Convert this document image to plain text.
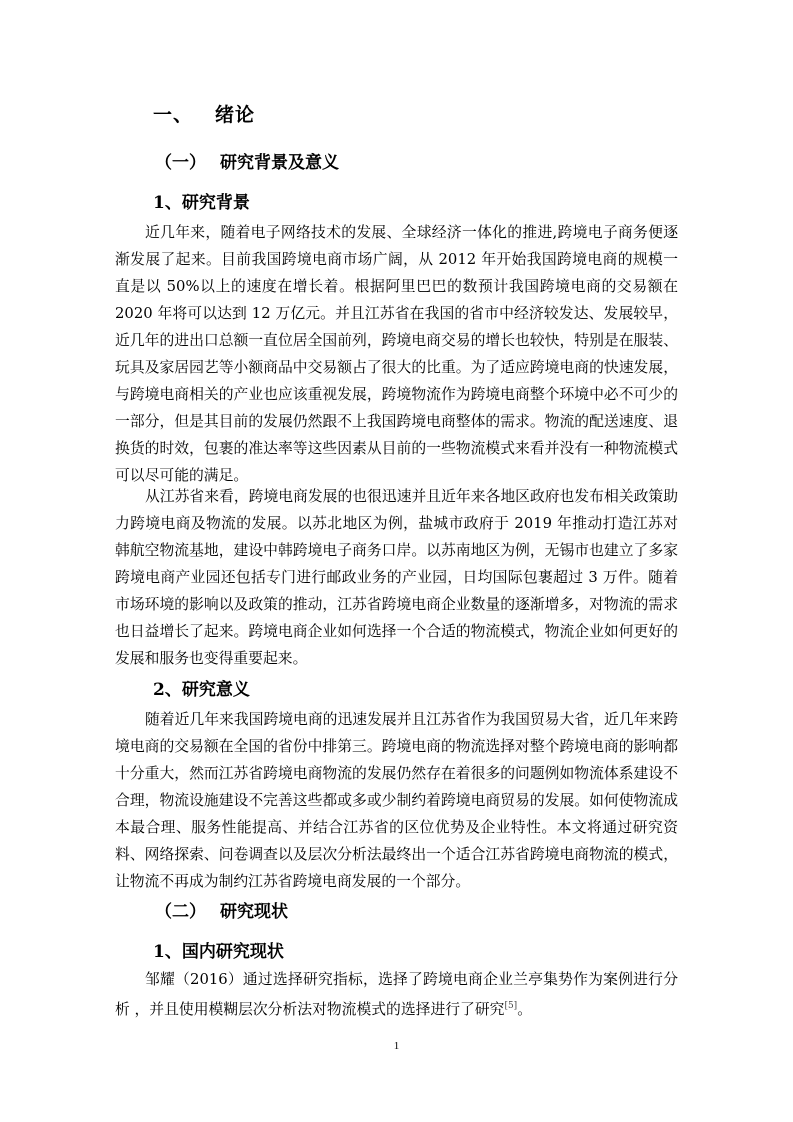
一、 绪论
（一） 研究背景及意义
1、研究背景

近几年来，随着电子网络技术的发展、全球经济一体化的推进,跨境电子商务便逐渐发展了起来。目前我国跨境电商市场广阔，从 2012 年开始我国跨境电商的规模一直是以 50%以上的速度在增长着。根据阿里巴巴的数预计我国跨境电商的交易额在 2020 年将可以达到 12 万亿元。并且江苏省在我国的省市中经济较发达、发展较早，近几年的进出口总额一直位居全国前列，跨境电商交易的增长也较快，特别是在服装、玩具及家居园艺等小额商品中交易额占了很大的比重。为了适应跨境电商的快速发展，与跨境电商相关的产业也应该重视发展，跨境物流作为跨境电商整个环境中必不可少的一部分，但是其目前的发展仍然跟不上我国跨境电商整体的需求。物流的配送速度、退换货的时效，包裹的准达率等这些因素从目前的一些物流模式来看并没有一种物流模式可以尽可能的满足。

从江苏省来看，跨境电商发展的也很迅速并且近年来各地区政府也发布相关政策助力跨境电商及物流的发展。以苏北地区为例，盐城市政府于 2019 年推动打造江苏对韩航空物流基地，建设中韩跨境电子商务口岸。以苏南地区为例，无锡市也建立了多家跨境电商产业园还包括专门进行邮政业务的产业园，日均国际包裹超过 3 万件。随着市场环境的影响以及政策的推动，江苏省跨境电商企业数量的逐渐增多，对物流的需求也日益增长了起来。跨境电商企业如何选择一个合适的物流模式，物流企业如何更好的发展和服务也变得重要起来。

2、研究意义

随着近几年来我国跨境电商的迅速发展并且江苏省作为我国贸易大省，近几年来跨境电商的交易额在全国的省份中排第三。跨境电商的物流选择对整个跨境电商的影响都十分重大，然而江苏省跨境电商物流的发展仍然存在着很多的问题例如物流体系建设不合理，物流设施建设不完善这些都或多或少制约着跨境电商贸易的发展。如何使物流成本最合理、服务性能提高、并结合江苏省的区位优势及企业特性。本文将通过研究资料、网络探索、问卷调查以及层次分析法最终出一个适合江苏省跨境电商物流的模式，让物流不再成为制约江苏省跨境电商发展的一个部分。

（二） 研究现状
1、国内研究现状

邹耀（2016）通过选择研究指标，选择了跨境电商企业兰亭集势作为案例进行分析 ，并且使用模糊层次分析法对物流模式的选择进行了研究[5]。

1
